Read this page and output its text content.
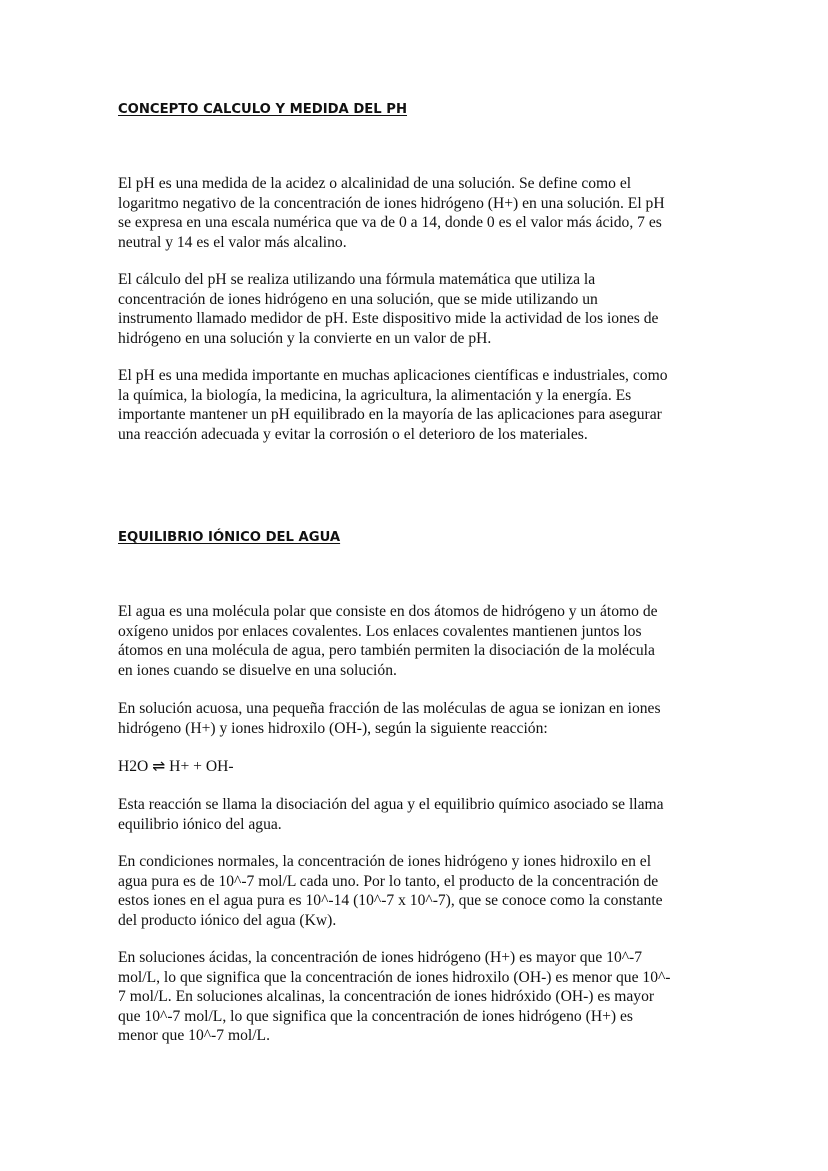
CONCEPTO CALCULO Y MEDIDA DEL PH

El pH es una medida de la acidez o alcalinidad de una solución. Se define como el
logaritmo negativo de la concentración de iones hidrógeno (H+) en una solución. El pH
se expresa en una escala numérica que va de 0 a 14, donde 0 es el valor más ácido, 7 es
neutral y 14 es el valor más alcalino.

El cálculo del pH se realiza utilizando una fórmula matemática que utiliza la
concentración de iones hidrógeno en una solución, que se mide utilizando un
instrumento llamado medidor de pH. Este dispositivo mide la actividad de los iones de
hidrógeno en una solución y la convierte en un valor de pH.

El pH es una medida importante en muchas aplicaciones científicas e industriales, como
la química, la biología, la medicina, la agricultura, la alimentación y la energía. Es
importante mantener un pH equilibrado en la mayoría de las aplicaciones para asegurar
una reacción adecuada y evitar la corrosión o el deterioro de los materiales.

EQUILIBRIO IÓNICO DEL AGUA

El agua es una molécula polar que consiste en dos átomos de hidrógeno y un átomo de
oxígeno unidos por enlaces covalentes. Los enlaces covalentes mantienen juntos los
átomos en una molécula de agua, pero también permiten la disociación de la molécula
en iones cuando se disuelve en una solución.

En solución acuosa, una pequeña fracción de las moléculas de agua se ionizan en iones
hidrógeno (H+) y iones hidroxilo (OH-), según la siguiente reacción:

H2O ⇌ H+ + OH-

Esta reacción se llama la disociación del agua y el equilibrio químico asociado se llama
equilibrio iónico del agua.

En condiciones normales, la concentración de iones hidrógeno y iones hidroxilo en el
agua pura es de 10^-7 mol/L cada uno. Por lo tanto, el producto de la concentración de
estos iones en el agua pura es 10^-14 (10^-7 x 10^-7), que se conoce como la constante
del producto iónico del agua (Kw).

En soluciones ácidas, la concentración de iones hidrógeno (H+) es mayor que 10^-7
mol/L, lo que significa que la concentración de iones hidroxilo (OH-) es menor que 10^-
7 mol/L. En soluciones alcalinas, la concentración de iones hidróxido (OH-) es mayor
que 10^-7 mol/L, lo que significa que la concentración de iones hidrógeno (H+) es
menor que 10^-7 mol/L.
